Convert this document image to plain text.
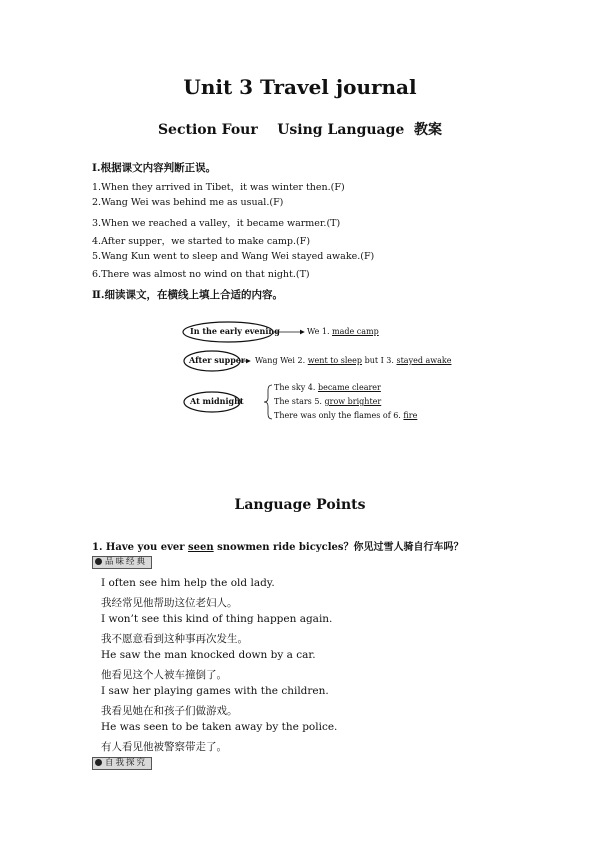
Unit 3 Travel journal
Section Four    Using Language  教案
Ⅰ.根据课文内容判断正误。
1.When they arrived in Tibet，it was winter then.(F)
2.Wang Wei was behind me as usual.(F)
3.When we reached a valley，it became warmer.(T)
4.After supper，we started to make camp.(F)
5.Wang Kun went to sleep and Wang Wei stayed awake.(F)
6.There was almost no wind on that night.(T)
Ⅱ.细读课文，在横线上填上合适的内容。
In the early evening	We 1. made camp
After supper Wang Wei 2. went to sleep but I 3. stayed awake
At midnight
The sky 4. became clearer
The stars 5. grow brighter
There was only the flames of 6. fire
Language Points
1. Have you ever seen snowmen ride bicycles？你见过雪人骑自行车吗？
品味经典
I often see him help the old lady.
我经常见他帮助这位老妇人。
I won’t see this kind of thing happen again.
我不愿意看到这种事再次发生。
He saw the man knocked down by a car.
他看见这个人被车撞倒了。
I saw her playing games with the children.
我看见她在和孩子们做游戏。
He was seen to be taken away by the police.
有人看见他被警察带走了。
自我探究
